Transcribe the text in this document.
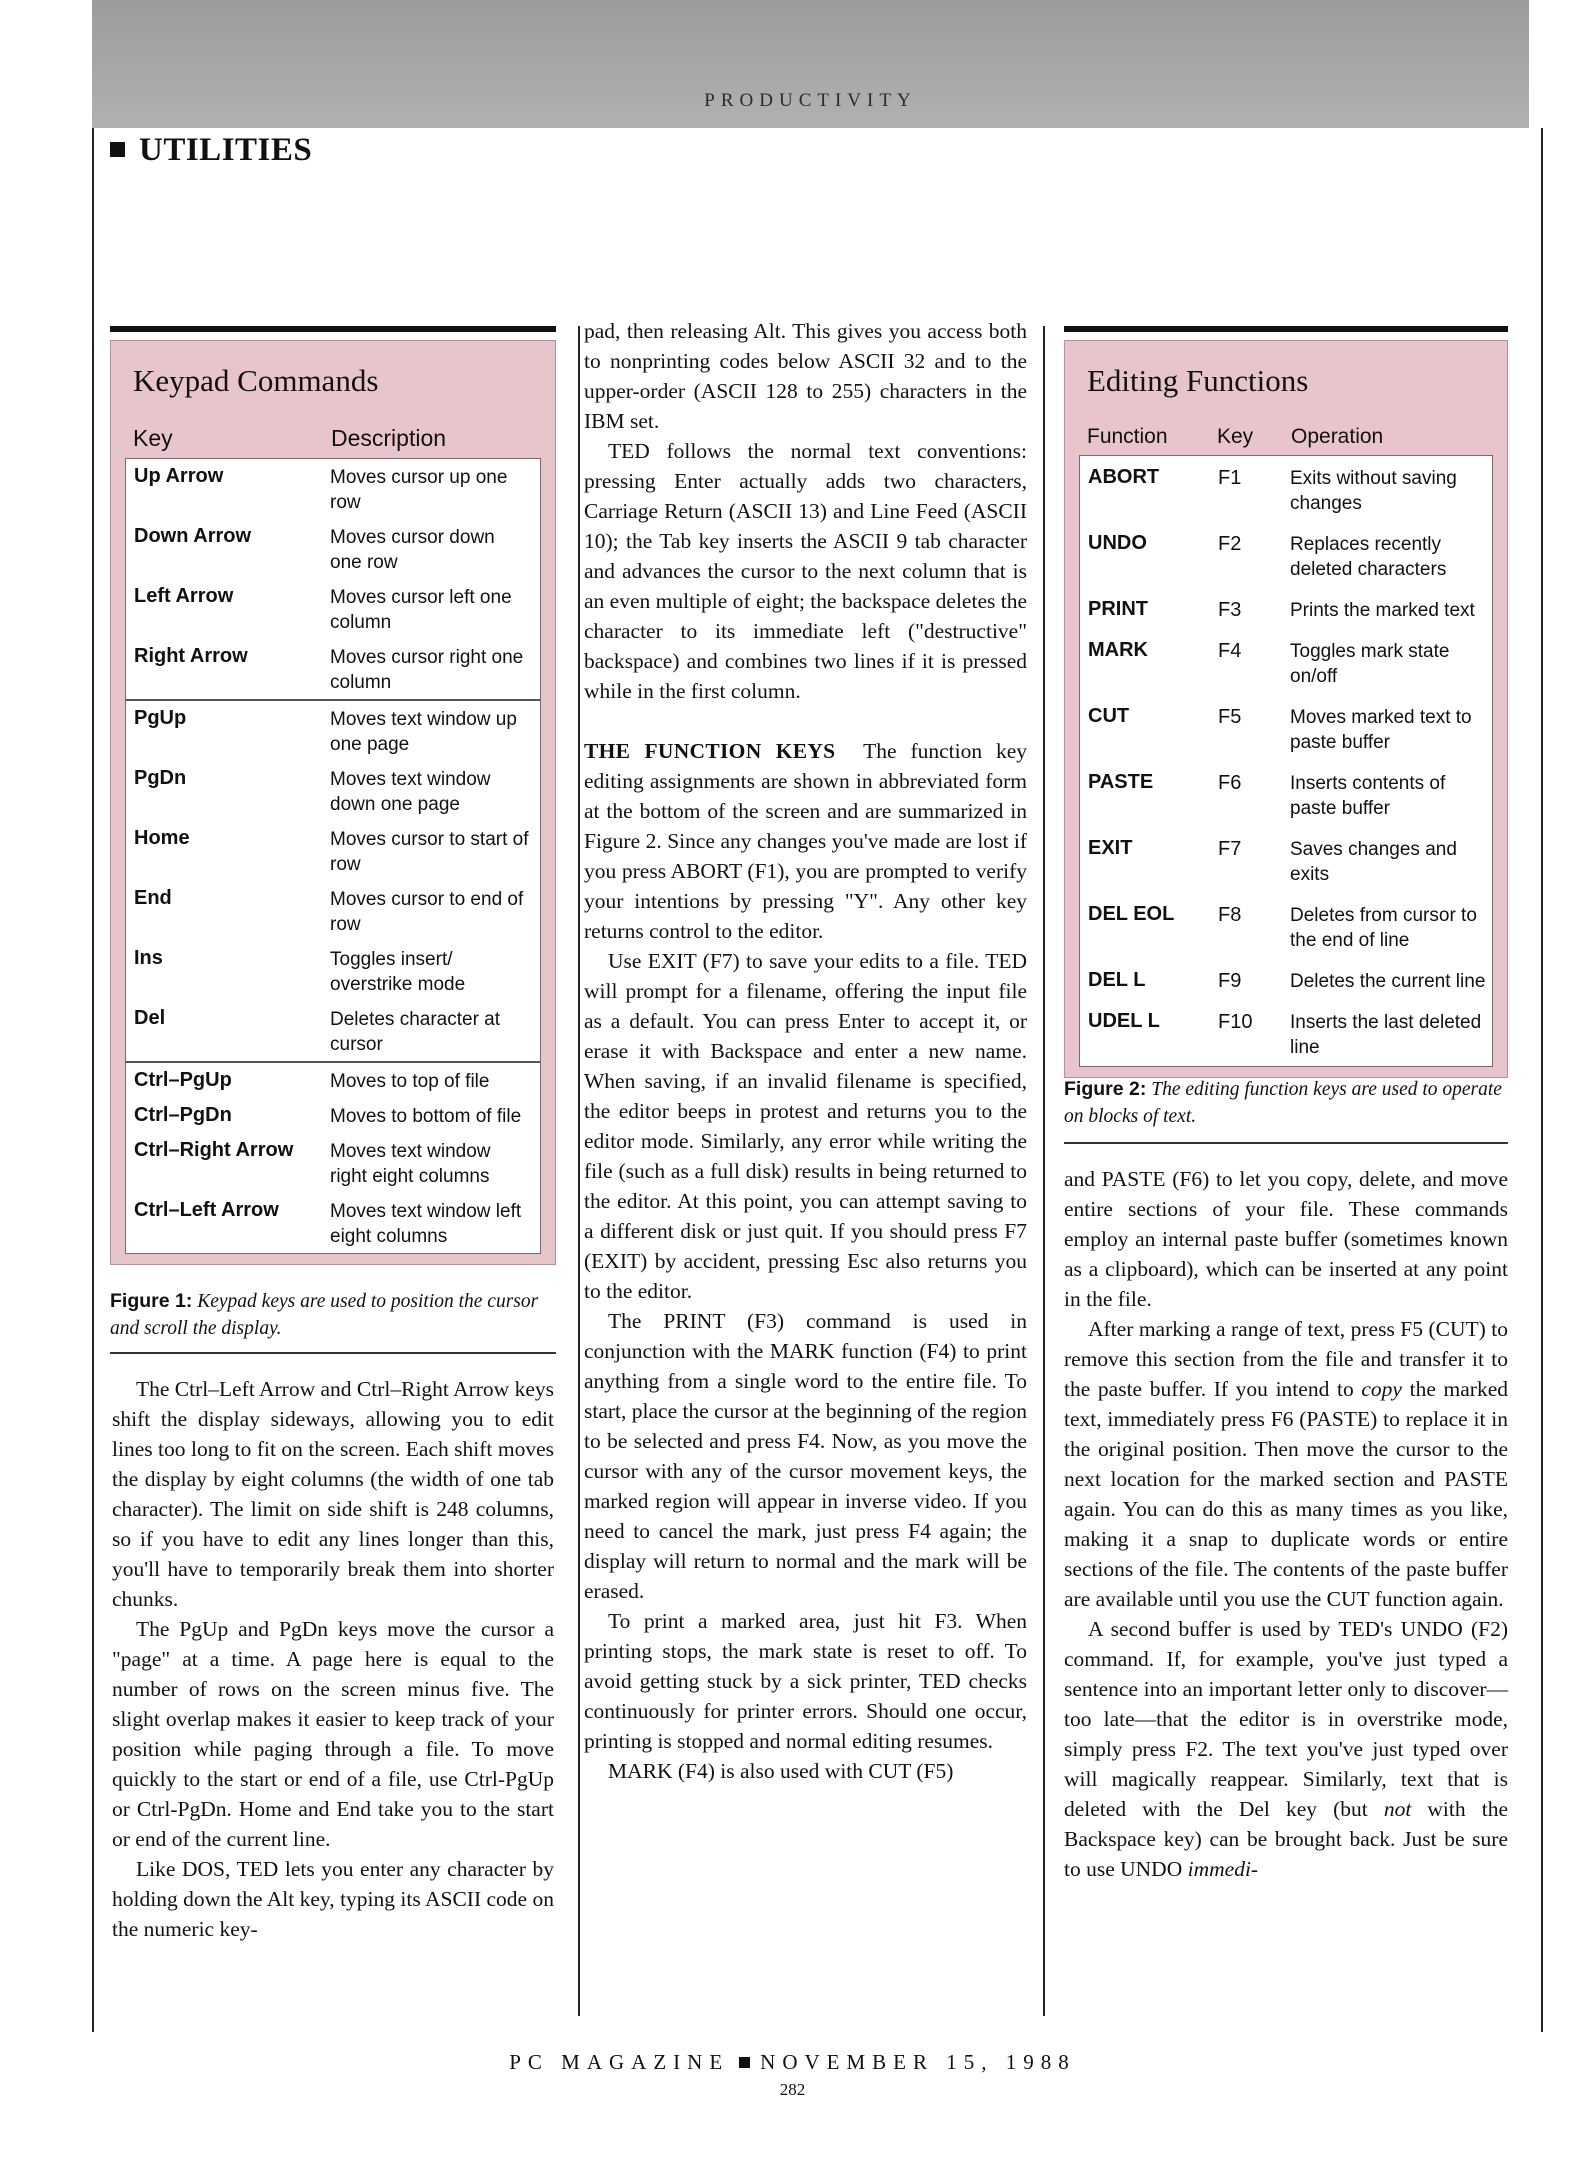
PRODUCTIVITY
UTILITIES
Keypad Commands
Key	Description
Up Arrow	Moves cursor up one row
Down Arrow	Moves cursor down one row
Left Arrow	Moves cursor left one column
Right Arrow	Moves cursor right one column
PgUp	Moves text window up one page
PgDn	Moves text window down one page
Home	Moves cursor to start of row
End	Moves cursor to end of row
Ins	Toggles insert/ overstrike mode
Del	Deletes character at cursor
Ctrl–PgUp	Moves to top of file
Ctrl–PgDn	Moves to bottom of file
Ctrl–Right Arrow	Moves text window right eight columns
Ctrl–Left Arrow	Moves text window left eight columns
Figure 1: Keypad keys are used to position the cursor and scroll the display.
Editing Functions
Function	Key	Operation
ABORT	F1	Exits without saving changes
UNDO	F2	Replaces recently deleted characters
PRINT	F3	Prints the marked text
MARK	F4	Toggles mark state on/off
CUT	F5	Moves marked text to paste buffer
PASTE	F6	Inserts contents of paste buffer
EXIT	F7	Saves changes and exits
DEL EOL	F8	Deletes from cursor to the end of line
DEL L	F9	Deletes the current line
UDEL L	F10	Inserts the last deleted line
Figure 2: The editing function keys are used to operate on blocks of text.

The Ctrl–Left Arrow and Ctrl–Right Arrow keys shift the display sideways, allowing you to edit lines too long to fit on the screen. Each shift moves the display by eight columns (the width of one tab character). The limit on side shift is 248 columns, so if you have to edit any lines longer than this, you'll have to temporarily break them into shorter chunks.

The PgUp and PgDn keys move the cursor a "page" at a time. A page here is equal to the number of rows on the screen minus five. The slight overlap makes it easier to keep track of your position while paging through a file. To move quickly to the start or end of a file, use Ctrl-PgUp or Ctrl-PgDn. Home and End take you to the start or end of the current line.

Like DOS, TED lets you enter any character by holding down the Alt key, typing its ASCII code on the numeric key-

pad, then releasing Alt. This gives you access both to nonprinting codes below ASCII 32 and to the upper-order (ASCII 128 to 255) characters in the IBM set.

TED follows the normal text conventions: pressing Enter actually adds two characters, Carriage Return (ASCII 13) and Line Feed (ASCII 10); the Tab key inserts the ASCII 9 tab character and advances the cursor to the next column that is an even multiple of eight; the backspace deletes the character to its immediate left ("destructive" backspace) and combines two lines if it is pressed while in the first column.

THE FUNCTION KEYS The function key editing assignments are shown in abbreviated form at the bottom of the screen and are summarized in Figure 2. Since any changes you've made are lost if you press ABORT (F1), you are prompted to verify your intentions by pressing "Y". Any other key returns control to the editor.

Use EXIT (F7) to save your edits to a file. TED will prompt for a filename, offering the input file as a default. You can press Enter to accept it, or erase it with Backspace and enter a new name. When saving, if an invalid filename is specified, the editor beeps in protest and returns you to the editor mode. Similarly, any error while writing the file (such as a full disk) results in being returned to the editor. At this point, you can attempt saving to a different disk or just quit. If you should press F7 (EXIT) by accident, pressing Esc also returns you to the editor.

The PRINT (F3) command is used in conjunction with the MARK function (F4) to print anything from a single word to the entire file. To start, place the cursor at the beginning of the region to be selected and press F4. Now, as you move the cursor with any of the cursor movement keys, the marked region will appear in inverse video. If you need to cancel the mark, just press F4 again; the display will return to normal and the mark will be erased.

To print a marked area, just hit F3. When printing stops, the mark state is reset to off. To avoid getting stuck by a sick printer, TED checks continuously for printer errors. Should one occur, printing is stopped and normal editing resumes.

MARK (F4) is also used with CUT (F5)

and PASTE (F6) to let you copy, delete, and move entire sections of your file. These commands employ an internal paste buffer (sometimes known as a clipboard), which can be inserted at any point in the file.

After marking a range of text, press F5 (CUT) to remove this section from the file and transfer it to the paste buffer. If you intend to copy the marked text, immediately press F6 (PASTE) to replace it in the original position. Then move the cursor to the next location for the marked section and PASTE again. You can do this as many times as you like, making it a snap to duplicate words or entire sections of the file. The contents of the paste buffer are available until you use the CUT function again.

A second buffer is used by TED's UNDO (F2) command. If, for example, you've just typed a sentence into an important letter only to discover—too late—that the editor is in overstrike mode, simply press F2. The text you've just typed over will magically reappear. Similarly, text that is deleted with the Del key (but not with the Backspace key) can be brought back. Just be sure to use UNDO immedi-

PC MAGAZINE NOVEMBER 15, 1988
282
